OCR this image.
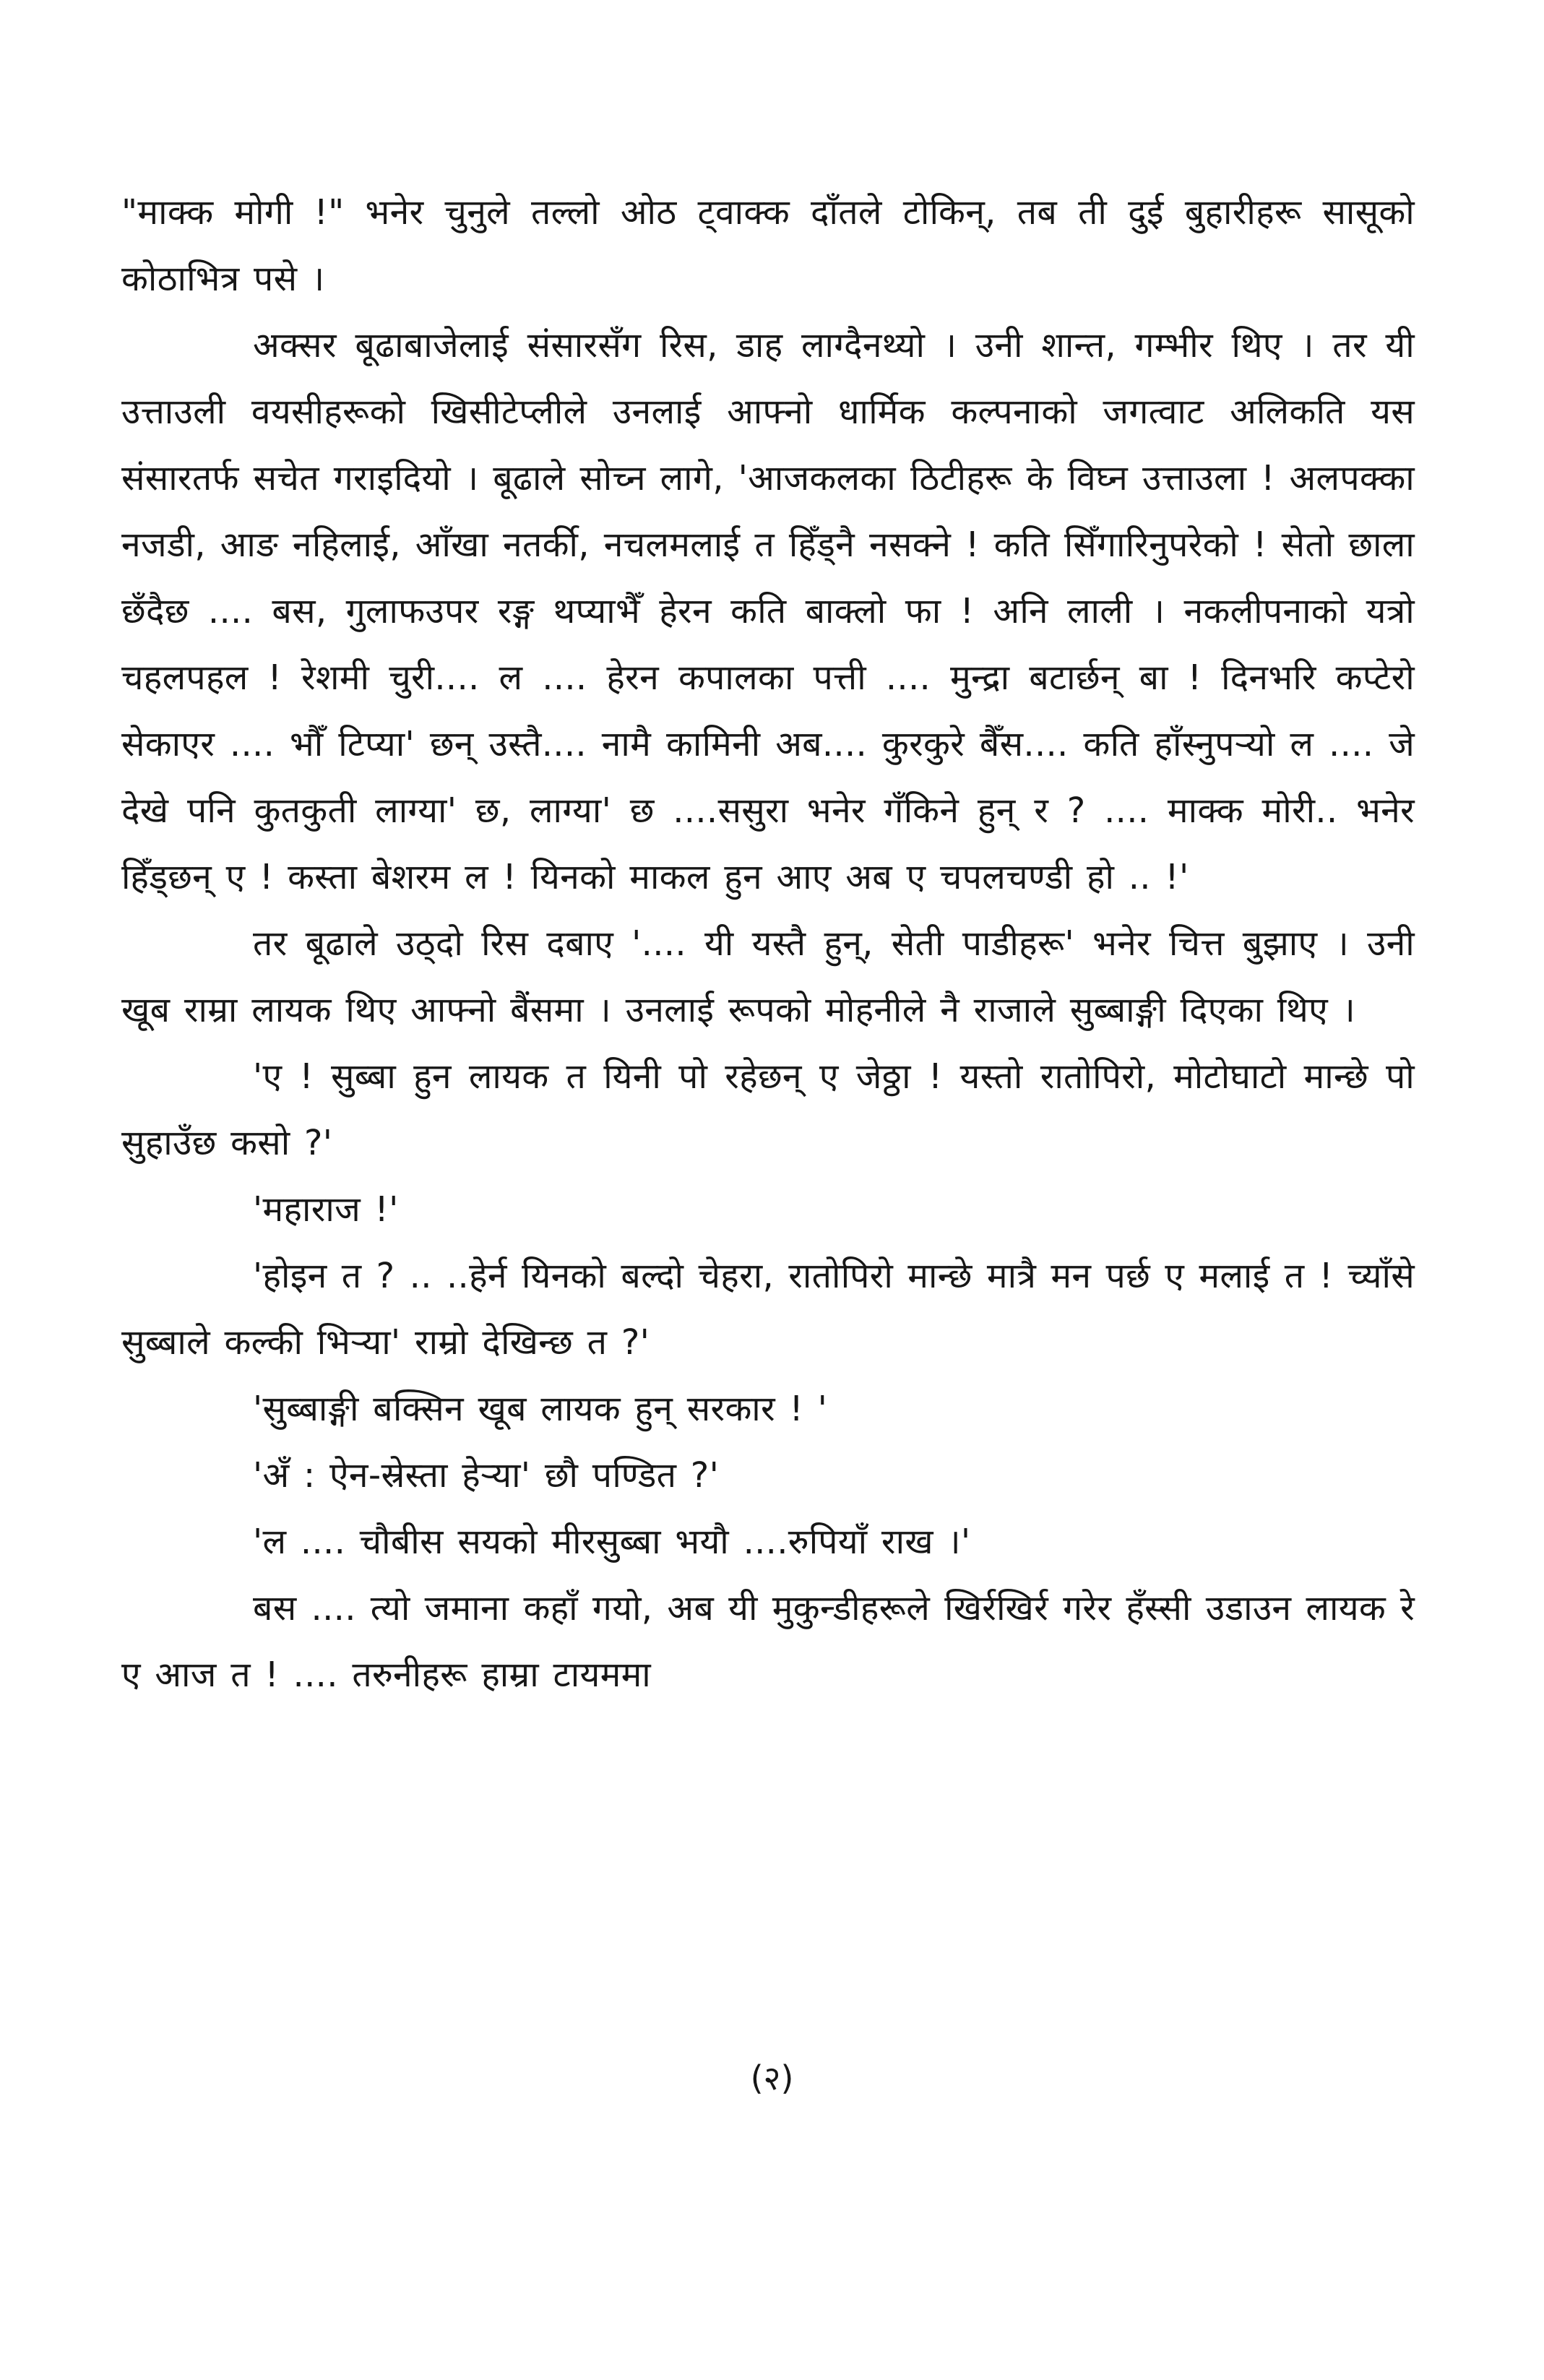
"माक्क मोगी !" भनेर चुनुले तल्लो ओठ ट्वाक्क दाँतले टोकिन्, तब ती दुई बुहारीहरू सासूको कोठाभित्र पसे ।

अक्सर बूढाबाजेलाई संसारसँग रिस, डाह लाग्दैनथ्यो । उनी शान्त, गम्भीर थिए । तर यी उत्ताउली वयसीहरूको खिसीटेप्लीले उनलाई आफ्नो धार्मिक कल्पनाको जगत्वाट अलिकति यस संसारतर्फ सचेत गराइदियो । बूढाले सोच्न लागे, 'आजकलका ठिटीहरू के विघ्न उत्ताउला ! अलपक्का नजडी, आङ नहिलाई, आँखा नतर्की, नचलमलाई त हिँड्नै नसक्ने ! कति सिँगारिनुपरेको ! सेतो छाला छँदैछ .... बस, गुलाफउपर रङ्ग थप्याभैँ हेरन कति बाक्लो फा ! अनि लाली । नकलीपनाको यत्रो चहलपहल ! रेशमी चुरी.... ल .... हेरन कपालका पत्ती .... मुन्द्रा बटार्छन् बा ! दिनभरि कप्टेरो सेकाएर .... भौँ टिप्या' छन् उस्तै.... नामै कामिनी अब.... कुरकुरे बैँस.... कति हाँस्नुपऱ्यो ल .... जे देखे पनि कुतकुती लाग्या' छ, लाग्या' छ ....ससुरा भनेर गँकिने हुन् र ? .... माक्क मोरी.. भनेर हिँड्छन् ए ! कस्ता बेशरम ल ! यिनको माकल हुन आए अब ए चपलचण्डी हो .. !'

तर बूढाले उठ्दो रिस दबाए '.... यी यस्तै हुन्, सेती पाडीहरू' भनेर चित्त बुझाए । उनी खूब राम्रा लायक थिए आफ्नो बैंसमा । उनलाई रूपको मोहनीले नै राजाले सुब्बाङ्गी दिएका थिए ।

'ए ! सुब्बा हुन लायक त यिनी पो रहेछन् ए जेठ्ठा ! यस्तो रातोपिरो, मोटोघाटो मान्छे पो सुहाउँछ कसो ?'

'महाराज !'

'होइन त ? .. ..हेर्न यिनको बल्दो चेहरा, रातोपिरो मान्छे मात्रै मन पर्छ ए मलाई त ! च्याँसे सुब्बाले कल्की भिऱ्या' राम्रो देखिन्छ त ?'

'सुब्बाङ्गी बक्सिन खूब लायक हुन् सरकार ! '

'अँ : ऐन-स्रेस्ता हेऱ्या' छौ पण्डित ?'

'ल .... चौबीस सयको मीरसुब्बा भयौ ....रुपियाँ राख ।'

बस .... त्यो जमाना कहाँ गयो, अब यी मुकुन्डीहरूले खिर्रखिर्र गरेर हँस्सी उडाउन लायक रे ए आज त ! .... तरुनीहरू हाम्रा टायममा

(२)
